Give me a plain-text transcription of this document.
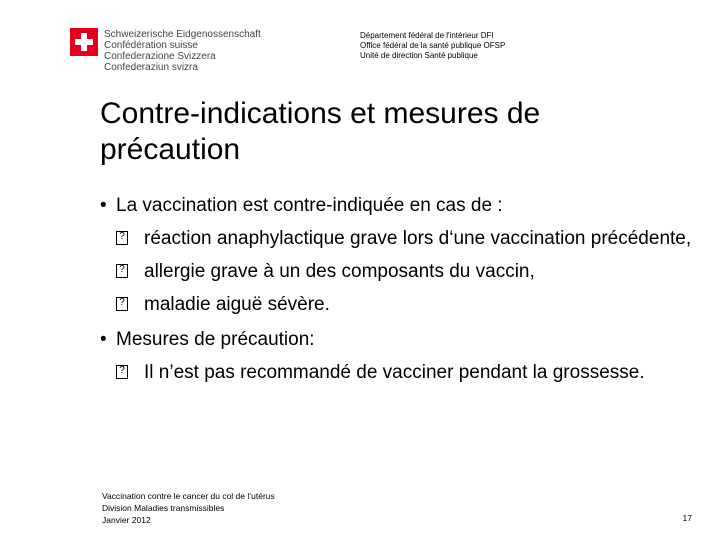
Schweizerische Eidgenossenschaft
Confédération suisse
Confederazione Svizzera
Confederaziun svizra
Département fédéral de l'intérieur DFI
Office fédéral de la santé publique OFSP
Unité de direction Santé publique
Contre-indications et mesures de précaution
• La vaccination est contre-indiquée en cas de :
? réaction anaphylactique grave lors d‘une vaccination précédente,
? allergie grave à un des composants du vaccin,
? maladie aiguë sévère.
• Mesures de précaution:
? Il n’est pas recommandé de vacciner pendant la grossesse.
Vaccination contre le cancer du col de l’utérus
Division Maladies transmissibles
Janvier 2012	17
